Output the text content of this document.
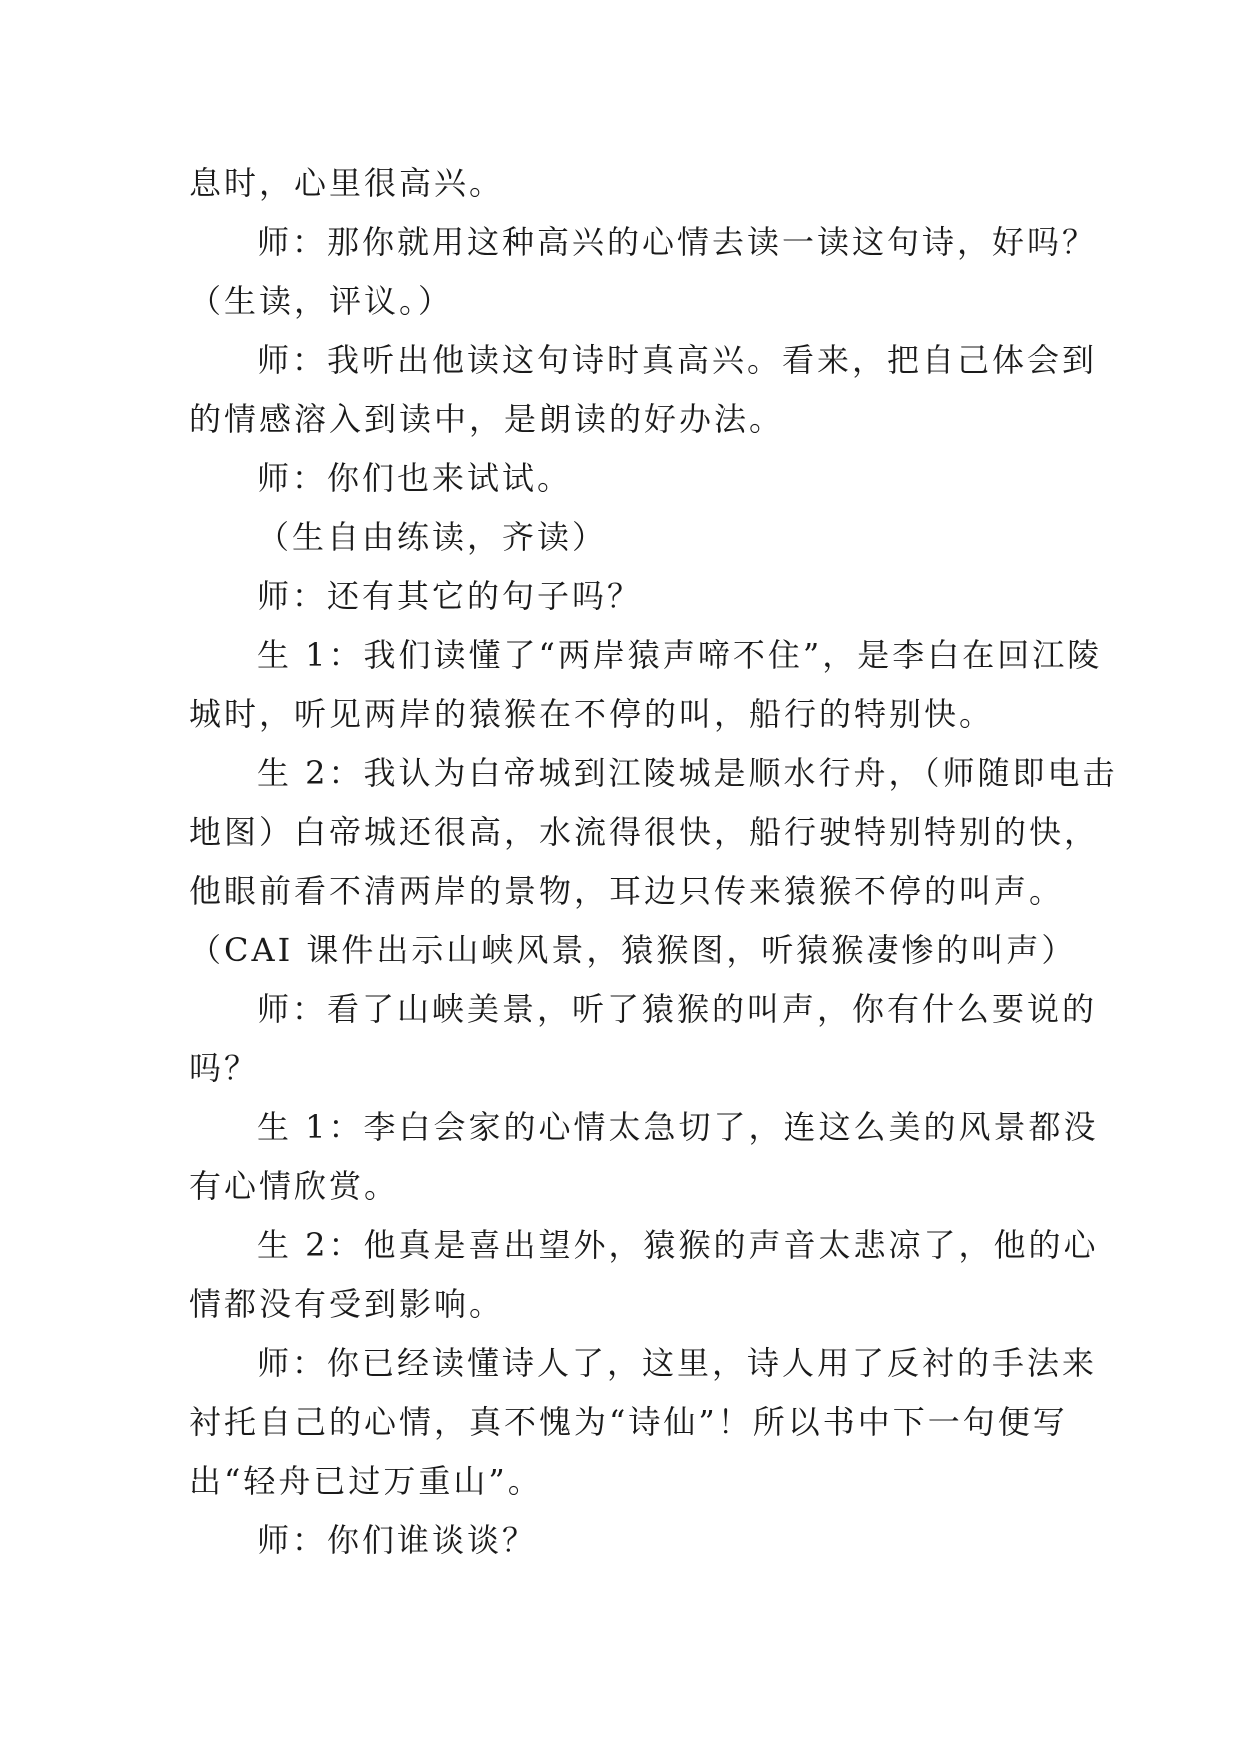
息时，心里很高兴。
师：那你就用这种高兴的心情去读一读这句诗，好吗？
（生读，评议。）
师：我听出他读这句诗时真高兴。看来，把自己体会到
的情感溶入到读中，是朗读的好办法。
师：你们也来试试。
（生自由练读，齐读）
师：还有其它的句子吗？
生 1：我们读懂了“两岸猿声啼不住”，是李白在回江陵
城时，听见两岸的猿猴在不停的叫，船行的特别快。
生 2：我认为白帝城到江陵城是顺水行舟，（师随即电击
地图）白帝城还很高，水流得很快，船行驶特别特别的快，
他眼前看不清两岸的景物，耳边只传来猿猴不停的叫声。
（CAI 课件出示山峡风景，猿猴图，听猿猴凄惨的叫声）
师：看了山峡美景，听了猿猴的叫声，你有什么要说的
吗？
生 1：李白会家的心情太急切了，连这么美的风景都没
有心情欣赏。
生 2：他真是喜出望外，猿猴的声音太悲凉了，他的心
情都没有受到影响。
师：你已经读懂诗人了，这里，诗人用了反衬的手法来
衬托自己的心情，真不愧为“诗仙”！所以书中下一句便写
出“轻舟已过万重山”。
师：你们谁谈谈？
